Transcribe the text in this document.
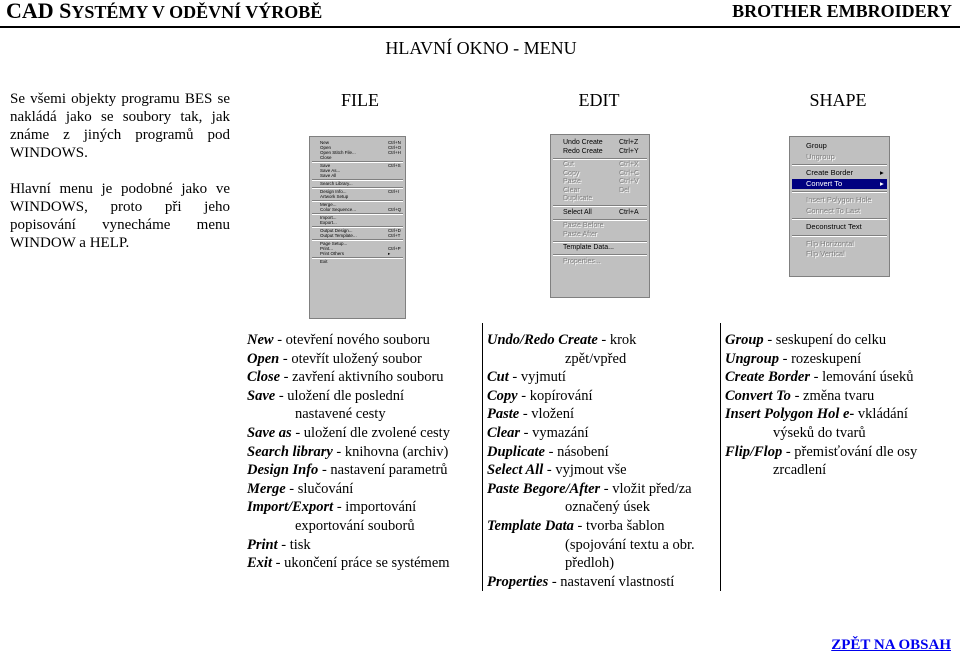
CAD SYSTÉMY V ODĚVNÍ VÝROBĚ	BROTHER EMBROIDERY
HLAVNÍ OKNO - MENU
Se všemi objekty programu BES se nakládá jako se soubory tak, jak známe z jiných programů pod WINDOWS.
Hlavní menu je podobné jako ve WINDOWS, proto při jeho popisování vynecháme menu WINDOW a HELP.
FILE	EDIT	SHAPE
New	Ctrl+N
Open	Ctrl+O
Open Stitch File...	Ctrl+H
Close
Save	Ctrl+S
Save As...
Save All
Search Library...
Design Info...	Ctrl+I
Artwork Setup
Merge...
Color Sequence...	Ctrl+Q
Import...
Export...
Output Design...	Ctrl+D
Output Template...	Ctrl+T
Page Setup...
Print...	Ctrl+P
Print Others	▸
Exit
Undo Create Ctrl+Z
Redo Create Ctrl+Y
Cut	Ctrl+X
Copy	Ctrl+C
Paste	Ctrl+V
Clear	Del
Duplicate
Select All	Ctrl+A
Paste Before
Paste After
Template Data...
Properties...
Group
Ungroup
Create Border	▸
Convert To	▸
Insert Polygon Hole
Connect To Last
Deconstruct Text
Flip Horizontal
Flip Vertical
New - otevření nového souboru
Open - otevřít uložený soubor
Close - zavření aktivního souboru
Save - uložení dle poslední
nastavené cesty
Save as - uložení dle zvolené cesty
Search library - knihovna (archiv)
Design Info - nastavení parametrů
Merge - slučování
Import/Export - importování
exportování souborů
Print - tisk
Exit - ukončení práce se systémem
Undo/Redo Create - krok
zpět/vpřed
Cut - vyjmutí
Copy - kopírování
Paste - vložení
Clear - vymazání
Duplicate - násobení
Select All - vyjmout vše
Paste Begore/After - vložit před/za
označený úsek
Template Data - tvorba šablon
(spojování textu a obr.
předloh)
Properties - nastavení vlastností
Group - seskupení do celku
Ungroup - rozeskupení
Create Border - lemování úseků
Convert To - změna tvaru
Insert Polygon Hol e- vkládání
výseků do tvarů
Flip/Flop - přemisťování dle osy
zrcadlení
ZPĚT NA OBSAH
